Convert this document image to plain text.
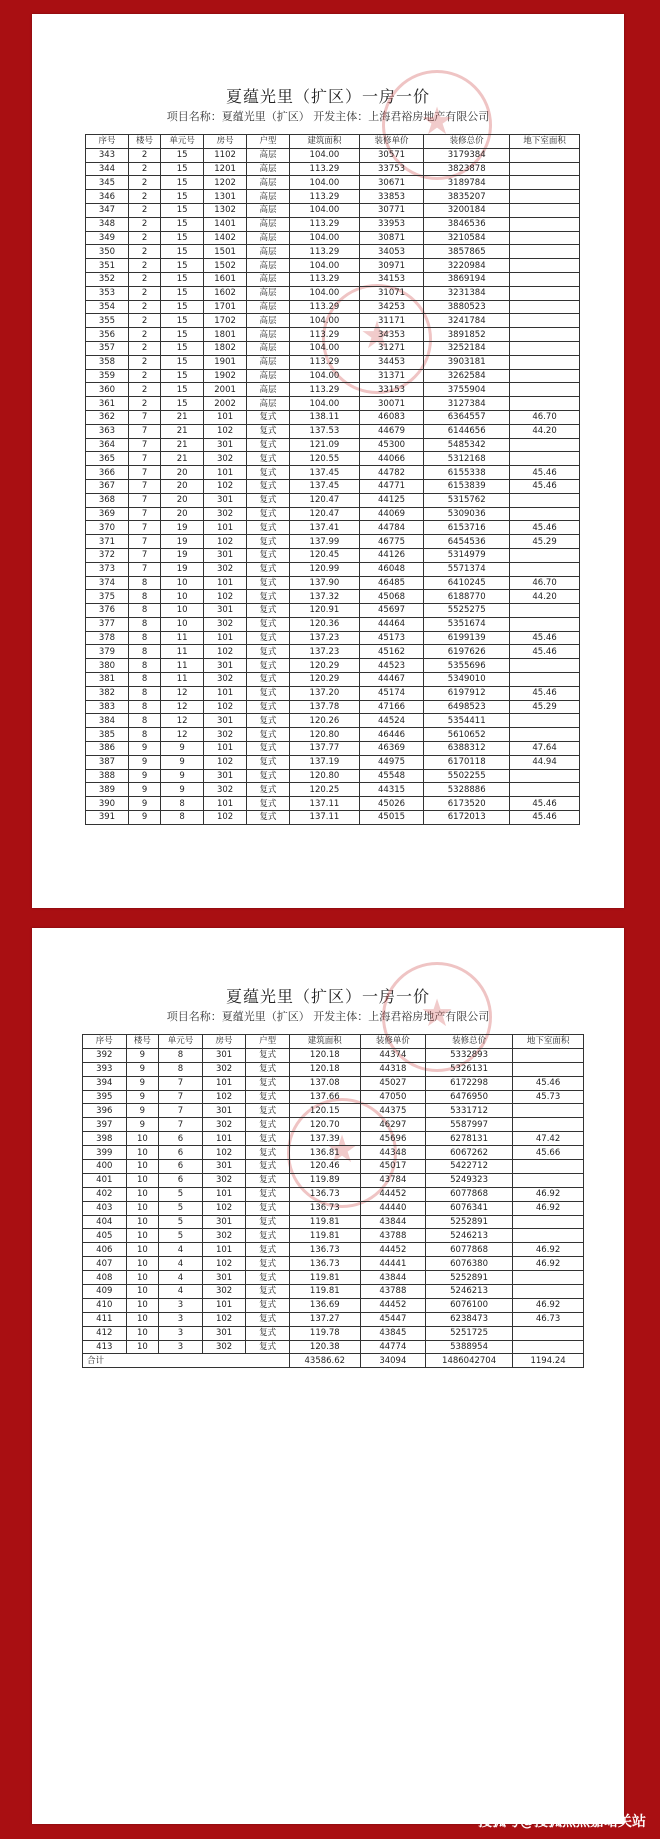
夏蕴光里（扩区）一房一价
项目名称：夏蕴光里（扩区） 开发主体：上海君裕房地产有限公司
★
★
序号	楼号	单元号	房号	户型	建筑面积	装修单价	装修总价	地下室面积
343	2	15	1102	高层	104.00	30571	3179384	
344	2	15	1201	高层	113.29	33753	3823878	
345	2	15	1202	高层	104.00	30671	3189784	
346	2	15	1301	高层	113.29	33853	3835207	
347	2	15	1302	高层	104.00	30771	3200184	
348	2	15	1401	高层	113.29	33953	3846536	
349	2	15	1402	高层	104.00	30871	3210584	
350	2	15	1501	高层	113.29	34053	3857865	
351	2	15	1502	高层	104.00	30971	3220984	
352	2	15	1601	高层	113.29	34153	3869194	
353	2	15	1602	高层	104.00	31071	3231384	
354	2	15	1701	高层	113.29	34253	3880523	
355	2	15	1702	高层	104.00	31171	3241784	
356	2	15	1801	高层	113.29	34353	3891852	
357	2	15	1802	高层	104.00	31271	3252184	
358	2	15	1901	高层	113.29	34453	3903181	
359	2	15	1902	高层	104.00	31371	3262584	
360	2	15	2001	高层	113.29	33153	3755904	
361	2	15	2002	高层	104.00	30071	3127384	
362	7	21	101	复式	138.11	46083	6364557	46.70
363	7	21	102	复式	137.53	44679	6144656	44.20
364	7	21	301	复式	121.09	45300	5485342	
365	7	21	302	复式	120.55	44066	5312168	
366	7	20	101	复式	137.45	44782	6155338	45.46
367	7	20	102	复式	137.45	44771	6153839	45.46
368	7	20	301	复式	120.47	44125	5315762	
369	7	20	302	复式	120.47	44069	5309036	
370	7	19	101	复式	137.41	44784	6153716	45.46
371	7	19	102	复式	137.99	46775	6454536	45.29
372	7	19	301	复式	120.45	44126	5314979	
373	7	19	302	复式	120.99	46048	5571374	
374	8	10	101	复式	137.90	46485	6410245	46.70
375	8	10	102	复式	137.32	45068	6188770	44.20
376	8	10	301	复式	120.91	45697	5525275	
377	8	10	302	复式	120.36	44464	5351674	
378	8	11	101	复式	137.23	45173	6199139	45.46
379	8	11	102	复式	137.23	45162	6197626	45.46
380	8	11	301	复式	120.29	44523	5355696	
381	8	11	302	复式	120.29	44467	5349010	
382	8	12	101	复式	137.20	45174	6197912	45.46
383	8	12	102	复式	137.78	47166	6498523	45.29
384	8	12	301	复式	120.26	44524	5354411	
385	8	12	302	复式	120.80	46446	5610652	
386	9	9	101	复式	137.77	46369	6388312	47.64
387	9	9	102	复式	137.19	44975	6170118	44.94
388	9	9	301	复式	120.80	45548	5502255	
389	9	9	302	复式	120.25	44315	5328886	
390	9	8	101	复式	137.11	45026	6173520	45.46
391	9	8	102	复式	137.11	45015	6172013	45.46
夏蕴光里（扩区）一房一价
项目名称：夏蕴光里（扩区） 开发主体：上海君裕房地产有限公司
★
★
序号	楼号	单元号	房号	户型	建筑面积	装修单价	装修总价	地下室面积
392	9	8	301	复式	120.18	44374	5332893	
393	9	8	302	复式	120.18	44318	5326131	
394	9	7	101	复式	137.08	45027	6172298	45.46
395	9	7	102	复式	137.66	47050	6476950	45.73
396	9	7	301	复式	120.15	44375	5331712	
397	9	7	302	复式	120.70	46297	5587997	
398	10	6	101	复式	137.39	45696	6278131	47.42
399	10	6	102	复式	136.81	44348	6067262	45.66
400	10	6	301	复式	120.46	45017	5422712	
401	10	6	302	复式	119.89	43784	5249323	
402	10	5	101	复式	136.73	44452	6077868	46.92
403	10	5	102	复式	136.73	44440	6076341	46.92
404	10	5	301	复式	119.81	43844	5252891	
405	10	5	302	复式	119.81	43788	5246213	
406	10	4	101	复式	136.73	44452	6077868	46.92
407	10	4	102	复式	136.73	44441	6076380	46.92
408	10	4	301	复式	119.81	43844	5252891	
409	10	4	302	复式	119.81	43788	5246213	
410	10	3	101	复式	136.69	44452	6076100	46.92
411	10	3	102	复式	137.27	45447	6238473	46.73
412	10	3	301	复式	119.78	43845	5251725	
413	10	3	302	复式	120.38	44774	5388954	
合计					43586.62	34094	1486042704	1194.24
搜狐号@搜狐焦点嘉峪关站
